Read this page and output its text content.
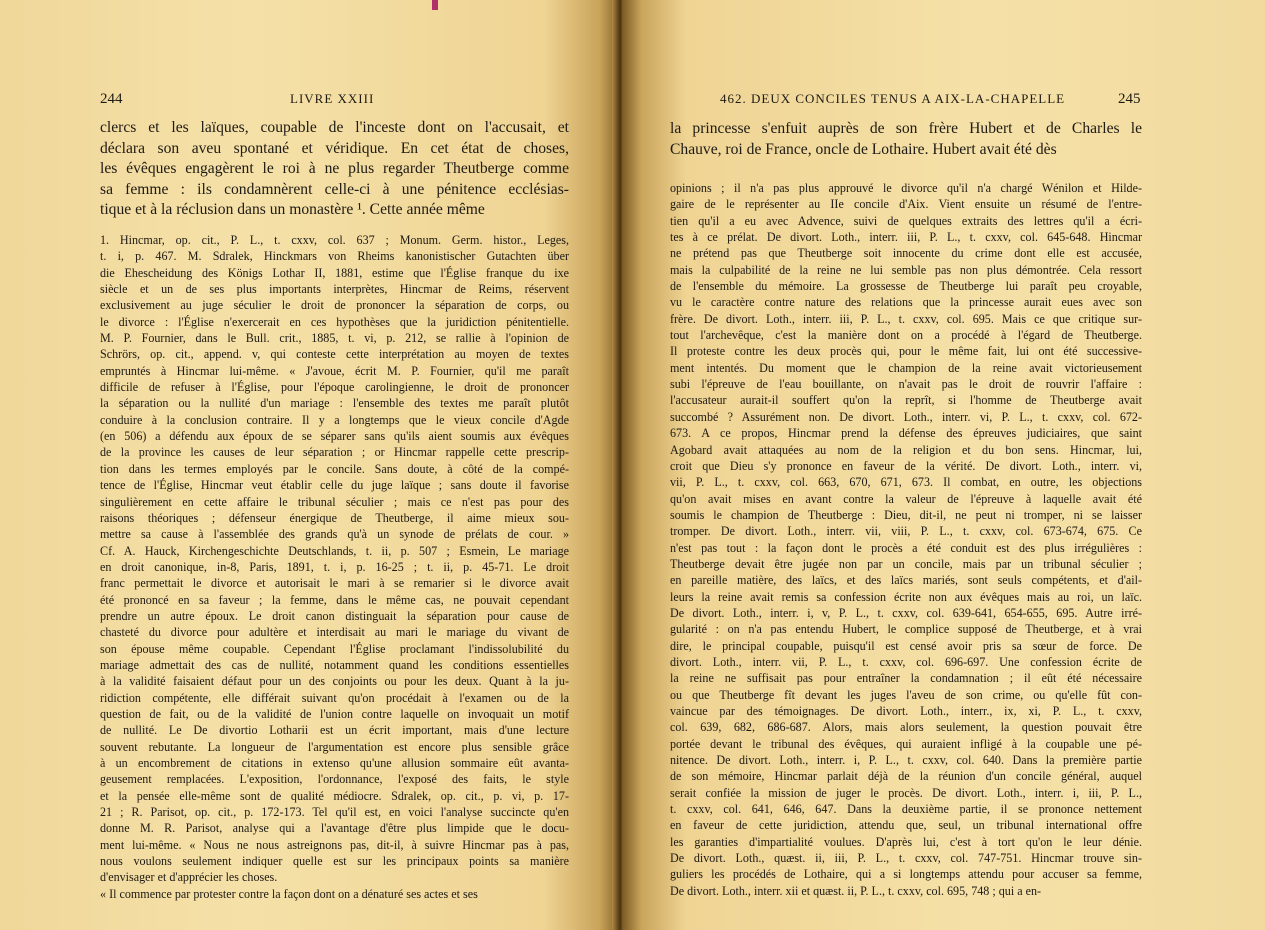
244	LIVRE XXIII
clercs et les laïques, coupable de l'inceste dont on l'accusait, et
déclara son aveu spontané et véridique. En cet état de choses,
les évêques engagèrent le roi à ne plus regarder Theutberge comme
sa femme : ils condamnèrent celle-ci à une pénitence ecclésias-
tique et à la réclusion dans un monastère ¹. Cette année même
1. Hincmar, op. cit., P. L., t. cxxv, col. 637 ; Monum. Germ. histor., Leges,
t. i, p. 467. M. Sdralek, Hinckmars von Rheims kanonistischer Gutachten über
die Ehescheidung des Königs Lothar II, 1881, estime que l'Église franque du ixe
siècle et un de ses plus importants interprètes, Hincmar de Reims, réservent
exclusivement au juge séculier le droit de prononcer la séparation de corps, ou
le divorce : l'Église n'exercerait en ces hypothèses que la juridiction pénitentielle.
M. P. Fournier, dans le Bull. crit., 1885, t. vi, p. 212, se rallie à l'opinion de
Schrörs, op. cit., append. v, qui conteste cette interprétation au moyen de textes
empruntés à Hincmar lui-même. « J'avoue, écrit M. P. Fournier, qu'il me paraît
difficile de refuser à l'Église, pour l'époque carolingienne, le droit de prononcer
la séparation ou la nullité d'un mariage : l'ensemble des textes me paraît plutôt
conduire à la conclusion contraire. Il y a longtemps que le vieux concile d'Agde
(en 506) a défendu aux époux de se séparer sans qu'ils aient soumis aux évêques
de la province les causes de leur séparation ; or Hincmar rappelle cette prescrip-
tion dans les termes employés par le concile. Sans doute, à côté de la compé-
tence de l'Église, Hincmar veut établir celle du juge laïque ; sans doute il favorise
singulièrement en cette affaire le tribunal séculier ; mais ce n'est pas pour des
raisons théoriques ; défenseur énergique de Theutberge, il aime mieux sou-
mettre sa cause à l'assemblée des grands qu'à un synode de prélats de cour. »
Cf. A. Hauck, Kirchengeschichte Deutschlands, t. ii, p. 507 ; Esmein, Le mariage
en droit canonique, in-8, Paris, 1891, t. i, p. 16-25 ; t. ii, p. 45-71. Le droit
franc permettait le divorce et autorisait le mari à se remarier si le divorce avait
été prononcé en sa faveur ; la femme, dans le même cas, ne pouvait cependant
prendre un autre époux. Le droit canon distinguait la séparation pour cause de
chasteté du divorce pour adultère et interdisait au mari le mariage du vivant de
son épouse même coupable. Cependant l'Église proclamant l'indissolubilité du
mariage admettait des cas de nullité, notamment quand les conditions essentielles
à la validité faisaient défaut pour un des conjoints ou pour les deux. Quant à la ju-
ridiction compétente, elle différait suivant qu'on procédait à l'examen ou de la
question de fait, ou de la validité de l'union contre laquelle on invoquait un motif
de nullité. Le De divortio Lotharii est un écrit important, mais d'une lecture
souvent rebutante. La longueur de l'argumentation est encore plus sensible grâce
à un encombrement de citations in extenso qu'une allusion sommaire eût avanta-
geusement remplacées. L'exposition, l'ordonnance, l'exposé des faits, le style
et la pensée elle-même sont de qualité médiocre. Sdralek, op. cit., p. vi, p. 17-
21 ; R. Parisot, op. cit., p. 172-173. Tel qu'il est, en voici l'analyse succincte qu'en
donne M. R. Parisot, analyse qui a l'avantage d'être plus limpide que le docu-
ment lui-même. « Nous ne nous astreignons pas, dit-il, à suivre Hincmar pas à pas,
nous voulons seulement indiquer quelle est sur les principaux points sa manière
d'envisager et d'apprécier les choses.
« Il commence par protester contre la façon dont on a dénaturé ses actes et ses
462. DEUX CONCILES TENUS A AIX-LA-CHAPELLE	245
la princesse s'enfuit auprès de son frère Hubert et de Charles le
Chauve, roi de France, oncle de Lothaire. Hubert avait été dès
opinions ; il n'a pas plus approuvé le divorce qu'il n'a chargé Wénilon et Hilde-
gaire de le représenter au IIe concile d'Aix. Vient ensuite un résumé de l'entre-
tien qu'il a eu avec Advence, suivi de quelques extraits des lettres qu'il a écri-
tes à ce prélat. De divort. Loth., interr. iii, P. L., t. cxxv, col. 645-648. Hincmar
ne prétend pas que Theutberge soit innocente du crime dont elle est accusée,
mais la culpabilité de la reine ne lui semble pas non plus démontrée. Cela ressort
de l'ensemble du mémoire. La grossesse de Theutberge lui paraît peu croyable,
vu le caractère contre nature des relations que la princesse aurait eues avec son
frère. De divort. Loth., interr. iii, P. L., t. cxxv, col. 695. Mais ce que critique sur-
tout l'archevêque, c'est la manière dont on a procédé à l'égard de Theutberge.
Il proteste contre les deux procès qui, pour le même fait, lui ont été successive-
ment intentés. Du moment que le champion de la reine avait victorieusement
subi l'épreuve de l'eau bouillante, on n'avait pas le droit de rouvrir l'affaire :
l'accusateur aurait-il souffert qu'on la reprît, si l'homme de Theutberge avait
succombé ? Assurément non. De divort. Loth., interr. vi, P. L., t. cxxv, col. 672-
673. A ce propos, Hincmar prend la défense des épreuves judiciaires, que saint
Agobard avait attaquées au nom de la religion et du bon sens. Hincmar, lui,
croit que Dieu s'y prononce en faveur de la vérité. De divort. Loth., interr. vi,
vii, P. L., t. cxxv, col. 663, 670, 671, 673. Il combat, en outre, les objections
qu'on avait mises en avant contre la valeur de l'épreuve à laquelle avait été
soumis le champion de Theutberge : Dieu, dit-il, ne peut ni tromper, ni se laisser
tromper. De divort. Loth., interr. vii, viii, P. L., t. cxxv, col. 673-674, 675. Ce
n'est pas tout : la façon dont le procès a été conduit est des plus irrégulières :
Theutberge devait être jugée non par un concile, mais par un tribunal séculier ;
en pareille matière, des laïcs, et des laïcs mariés, sont seuls compétents, et d'ail-
leurs la reine avait remis sa confession écrite non aux évêques mais au roi, un laïc.
De divort. Loth., interr. i, v, P. L., t. cxxv, col. 639-641, 654-655, 695. Autre irré-
gularité : on n'a pas entendu Hubert, le complice supposé de Theutberge, et à vrai
dire, le principal coupable, puisqu'il est censé avoir pris sa sœur de force. De
divort. Loth., interr. vii, P. L., t. cxxv, col. 696-697. Une confession écrite de
la reine ne suffisait pas pour entraîner la condamnation ; il eût été nécessaire
ou que Theutberge fît devant les juges l'aveu de son crime, ou qu'elle fût con-
vaincue par des témoignages. De divort. Loth., interr., ix, xi, P. L., t. cxxv,
col. 639, 682, 686-687. Alors, mais alors seulement, la question pouvait être
portée devant le tribunal des évêques, qui auraient infligé à la coupable une pé-
nitence. De divort. Loth., interr. i, P. L., t. cxxv, col. 640. Dans la première partie
de son mémoire, Hincmar parlait déjà de la réunion d'un concile général, auquel
serait confiée la mission de juger le procès. De divort. Loth., interr. i, iii, P. L.,
t. cxxv, col. 641, 646, 647. Dans la deuxième partie, il se prononce nettement
en faveur de cette juridiction, attendu que, seul, un tribunal international offre
les garanties d'impartialité voulues. D'après lui, c'est à tort qu'on le leur dénie.
De divort. Loth., quæst. ii, iii, P. L., t. cxxv, col. 747-751. Hincmar trouve sin-
guliers les procédés de Lothaire, qui a si longtemps attendu pour accuser sa femme,
De divort. Loth., interr. xii et quæst. ii, P. L., t. cxxv, col. 695, 748 ; qui a en-
